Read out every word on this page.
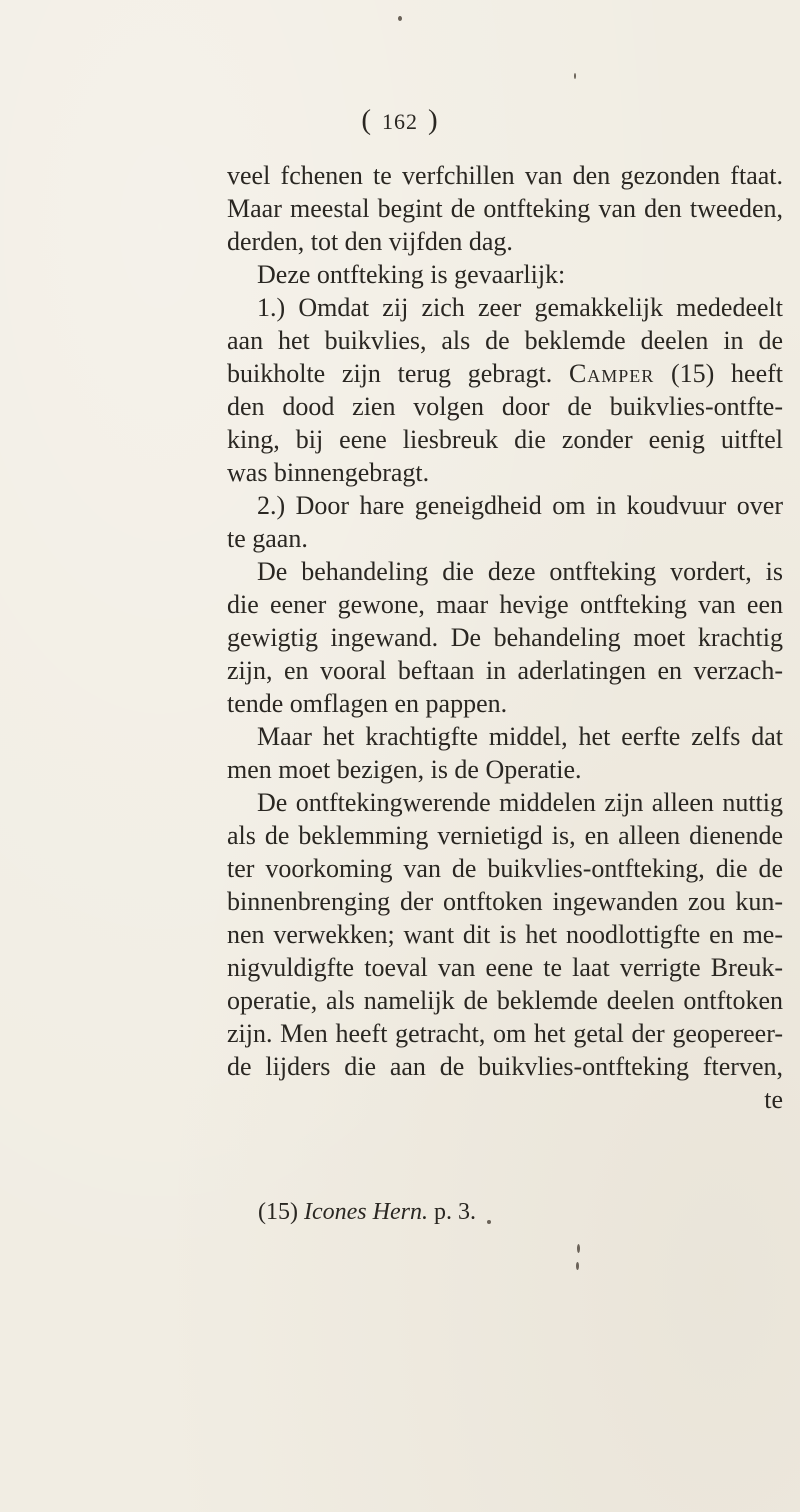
( 162 )
veel fchenen te verfchillen van den gezonden ftaat.
Maar meestal begint de ontfteking van den tweeden,
derden, tot den vijfden dag.
Deze ontfteking is gevaarlijk:
1.) Omdat zij zich zeer gemakkelijk mededeelt
aan het buikvlies, als de beklemde deelen in de
buikholte zijn terug gebragt. Camper (15) heeft
den dood zien volgen door de buikvlies-ontfte-
king, bij eene liesbreuk die zonder eenig uitftel
was binnengebragt.
2.) Door hare geneigdheid om in koudvuur over
te gaan.
De behandeling die deze ontfteking vordert, is
die eener gewone, maar hevige ontfteking van een
gewigtig ingewand. De behandeling moet krachtig
zijn, en vooral beftaan in aderlatingen en verzach-
tende omflagen en pappen.
Maar het krachtigfte middel, het eerfte zelfs dat
men moet bezigen, is de Operatie.
De ontftekingwerende middelen zijn alleen nuttig
als de beklemming vernietigd is, en alleen dienende
ter voorkoming van de buikvlies-ontfteking, die de
binnenbrenging der ontftoken ingewanden zou kun-
nen verwekken; want dit is het noodlottigfte en me-
nigvuldigfte toeval van eene te laat verrigte Breuk-
operatie, als namelijk de beklemde deelen ontftoken
zijn. Men heeft getracht, om het getal der geopereer-
de lijders die aan de buikvlies-ontfteking fterven,
te
(15) Icones Hern. p. 3.
